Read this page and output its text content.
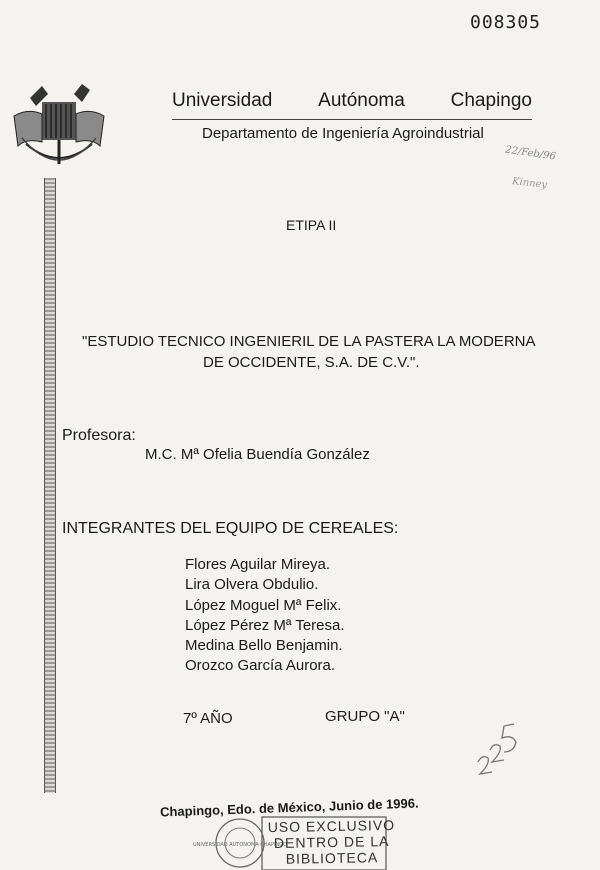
008305
Universidad Autónoma Chapingo
Departamento de Ingeniería Agroindustrial
22/Feb/96
Kinney
ETIPA II
"ESTUDIO TECNICO INGENIERIL DE LA PASTERA LA MODERNA
DE OCCIDENTE, S.A. DE C.V.".
Profesora:
M.C. Mª Ofelia Buendía González
INTEGRANTES DEL EQUIPO DE CEREALES:
Flores Aguilar Mireya.
Lira Olvera Obdulio.
López Moguel Mª Felix.
López Pérez Mª Teresa.
Medina Bello Benjamin.
Orozco García Aurora.
7º AÑO	GRUPO "A"
Chapingo, Edo. de México, Junio de 1996.
UNIVERSIDAD AUTONOMA CHAPINGO
USO EXCLUSIVO
DENTRO DE LA
BIBLIOTECA
